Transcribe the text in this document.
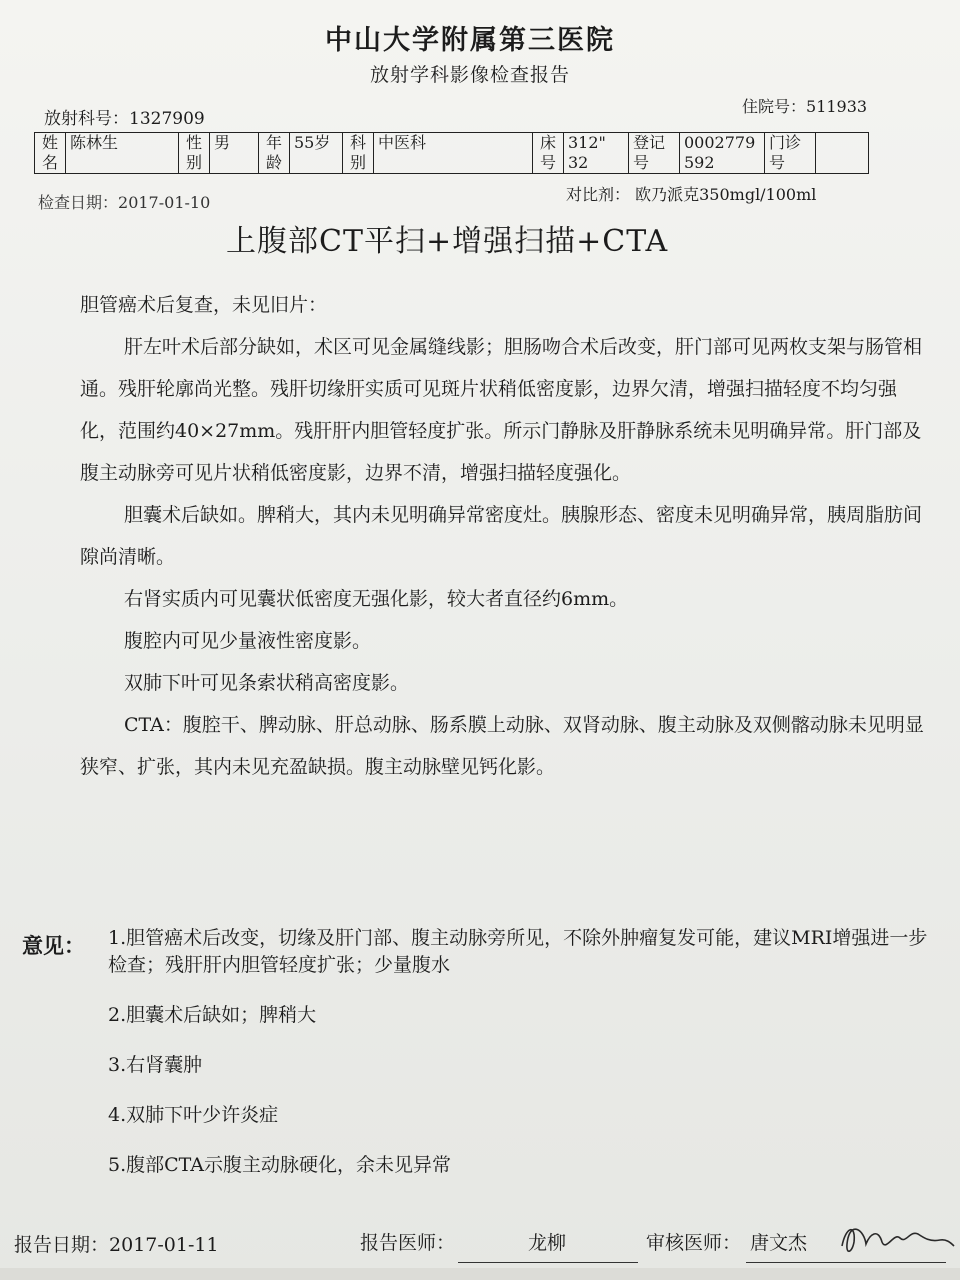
中山大学附属第三医院
放射学科影像检查报告
放射科号：1327909
住院号：511933
姓名	陈林生	性别	男	年龄	55岁	科别	中医科	床号	312" 32	登记号	0002779 592	门诊号	
检查日期：2017-01-10	对比剂： 欧乃派克350mgl/100ml
上腹部CT平扫+增强扫描+CTA

胆管癌术后复查，未见旧片：

肝左叶术后部分缺如，术区可见金属缝线影；胆肠吻合术后改变，肝门部可见两枚支架与肠管相通。残肝轮廓尚光整。残肝切缘肝实质可见斑片状稍低密度影，边界欠清，增强扫描轻度不均匀强化，范围约40×27mm。残肝肝内胆管轻度扩张。所示门静脉及肝静脉系统未见明确异常。肝门部及腹主动脉旁可见片状稍低密度影，边界不清，增强扫描轻度强化。

胆囊术后缺如。脾稍大，其内未见明确异常密度灶。胰腺形态、密度未见明确异常，胰周脂肪间隙尚清晰。

右肾实质内可见囊状低密度无强化影，较大者直径约6mm。

腹腔内可见少量液性密度影。

双肺下叶可见条索状稍高密度影。

CTA：腹腔干、脾动脉、肝总动脉、肠系膜上动脉、双肾动脉、腹主动脉及双侧髂动脉未见明显狭窄、扩张，其内未见充盈缺损。腹主动脉壁见钙化影。

意见： 1.胆管癌术后改变，切缘及肝门部、腹主动脉旁所见，不除外肿瘤复发可能，建议MRI增强进一步检查；残肝肝内胆管轻度扩张；少量腹水
2.胆囊术后缺如；脾稍大
3.右肾囊肿
4.双肺下叶少许炎症
5.腹部CTA示腹主动脉硬化，余未见异常
报告日期：2017-01-11	报告医师：	龙柳	审核医师： 唐文杰
